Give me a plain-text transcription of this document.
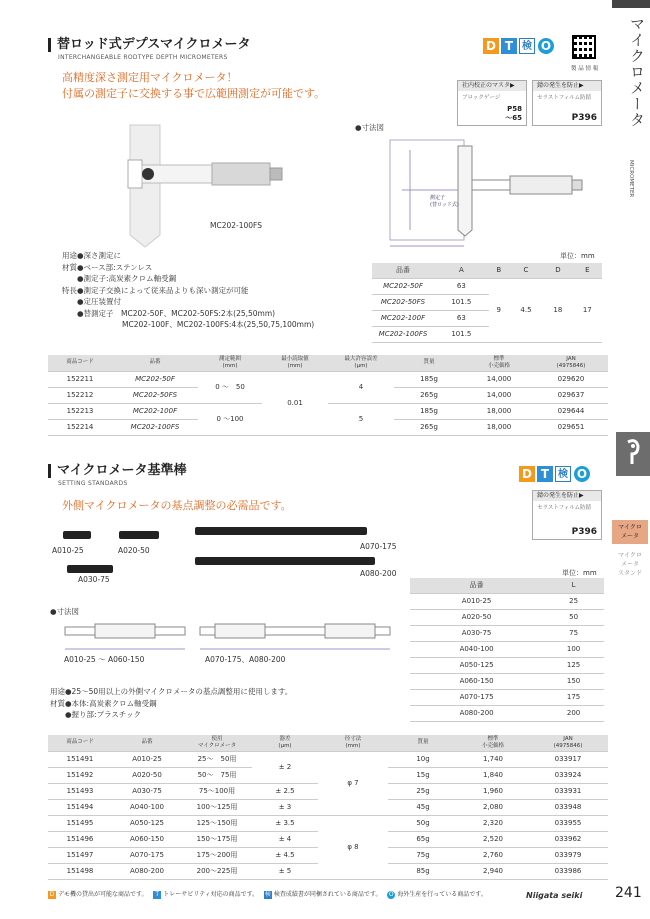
マイクロメータ
MICROMETER
マイクロ
メータ
マイクロ
メータ
スタンド
替ロッド式デプスマイクロメータ
INTERCHANGEABLE RODTYPE DEPTH MICROMETERS
D T 検 O
製 品 情 報
高精度深さ測定用マイクロメータ！
付属の測定子に交換する事で広範囲測定が可能です。
社内校正のマスタ▶
ブロックゲージ
P58
～65
錆の発生を防止▶
セラストフィルム防錆
P396
MC202-100FS
●寸法図
測定子
(替ロッド式)
用途●深さ測定に
材質●ベース部:ステンレス
　　●測定子:高炭素クロム軸受鋼
特長●測定子交換によって従来品よりも深い測定が可能
　　●定圧装置付
　　●替測定子　MC202-50F、MC202-50FS:2本(25,50mm)
　　　　　　　　MC202-100F、MC202-100FS:4本(25,50,75,100mm)
単位：mm
品番	A	B	C	D	E
MC202-50F	63	9	4.5	18	17
MC202-50FS	101.5				
MC202-100F	63				
MC202-100FS	101.5				
商品コード	品番	測定範囲
(mm)	最小読取値
(mm)	最大許容誤差
(μm)	質量	標準
小売価格	JAN
(4975846)
152211	MC202-50F	0 ～　50	0.01	4	185g	14,000	029620
152212	MC202-50FS				265g	14,000	029637
152213	MC202-100F	0 ～100		5	185g	18,000	029644
152214	MC202-100FS				265g	18,000	029651
マイクロメータ基準棒
SETTING STANDARDS
D T 検 O
外側マイクロメータの基点調整の必需品です。
錆の発生を防止▶
セラストフィルム防錆
P396
A010-25	A020-50
A030-75
A070-175
A080-200
●寸法図
A010-25 ～ A060-150	A070-175、A080-200
単位：mm
品番	L
A010-25	25
A020-50	50
A030-75	75
A040-100	100
A050-125	125
A060-150	150
A070-175	175
A080-200	200
用途●25～50用以上の外側マイクロメータの基点調整用に使用します。
材質●本体:高炭素クロム軸受鋼
　　●握り部:プラスチック
商品コード	品番	使用
マイクロメータ	器差
(μm)	径寸法
(mm)	質量	標準
小売価格	JAN
(4975846)
151491	A010-25	25～　50用	± 2	φ 7	10g	1,740	033917
151492	A020-50	50～　75用			15g	1,840	033924
151493	A030-75	75～100用	± 2.5		25g	1,960	033931
151494	A040-100	100～125用	± 3		45g	2,080	033948
151495	A050-125	125～150用	± 3.5	φ 8	50g	2,320	033955
151496	A060-150	150～175用	± 4		65g	2,520	033962
151497	A070-175	175～200用	± 4.5		75g	2,760	033979
151498	A080-200	200～225用	± 5		85g	2,940	033986
D デモ機の貸出が可能な商品です。 T トレーサビリティ対応の商品です。 検 検査成績書が同梱されている商品です。 O 海外生産を行っている商品です。	Niigata seiki 241
